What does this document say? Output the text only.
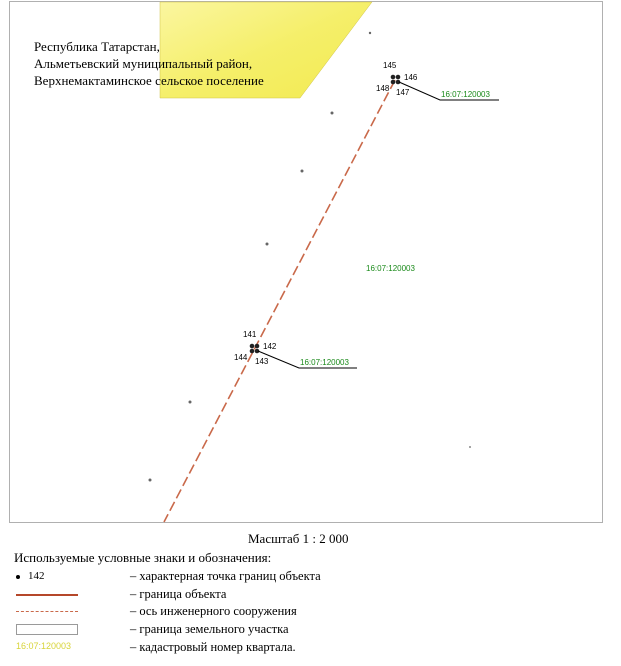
145
146
147
148
16:07:120003
16:07:120003
141
142
143
144
16:07:120003
Республика Татарстан,
Альметьевский муниципальный район,
Верхнемактаминское сельское поселение
Масштаб 1 : 2 000
Используемые условные знаки и обозначения:
142	– характерная точка границ объекта
– граница объекта
– ось инженерного сооружения
– граница земельного участка
16:07:120003	– кадастровый номер квартала.
